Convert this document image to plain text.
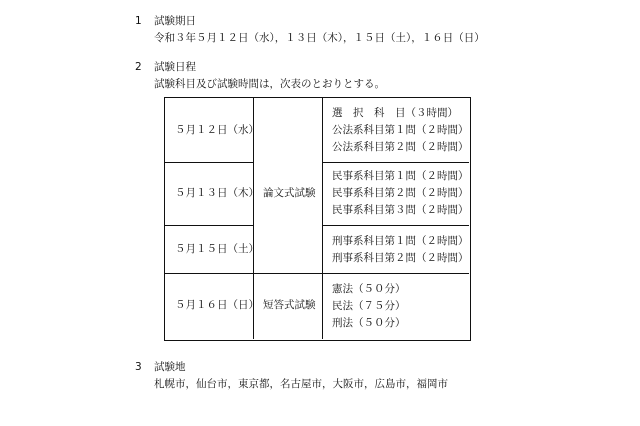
1 試験期日
令和３年５月１２日（水），１３日（木），１５日（土），１６日（日）
2 試験日程
試験科目及び試験時間は，次表のとおりとする。
５月１２日（水）
５月１３日（木）
５月１５日（土）
５月１６日（日）
論文式試験
短答式試験
選　択　科　目（３時間）
公法系科目第１問（２時間）
公法系科目第２問（２時間）
民事系科目第１問（２時間）
民事系科目第２問（２時間）
民事系科目第３問（２時間）
刑事系科目第１問（２時間）
刑事系科目第２問（２時間）
憲法（５０分）
民法（７５分）
刑法（５０分）
3 試験地
札幌市，仙台市，東京都，名古屋市，大阪市，広島市，福岡市
